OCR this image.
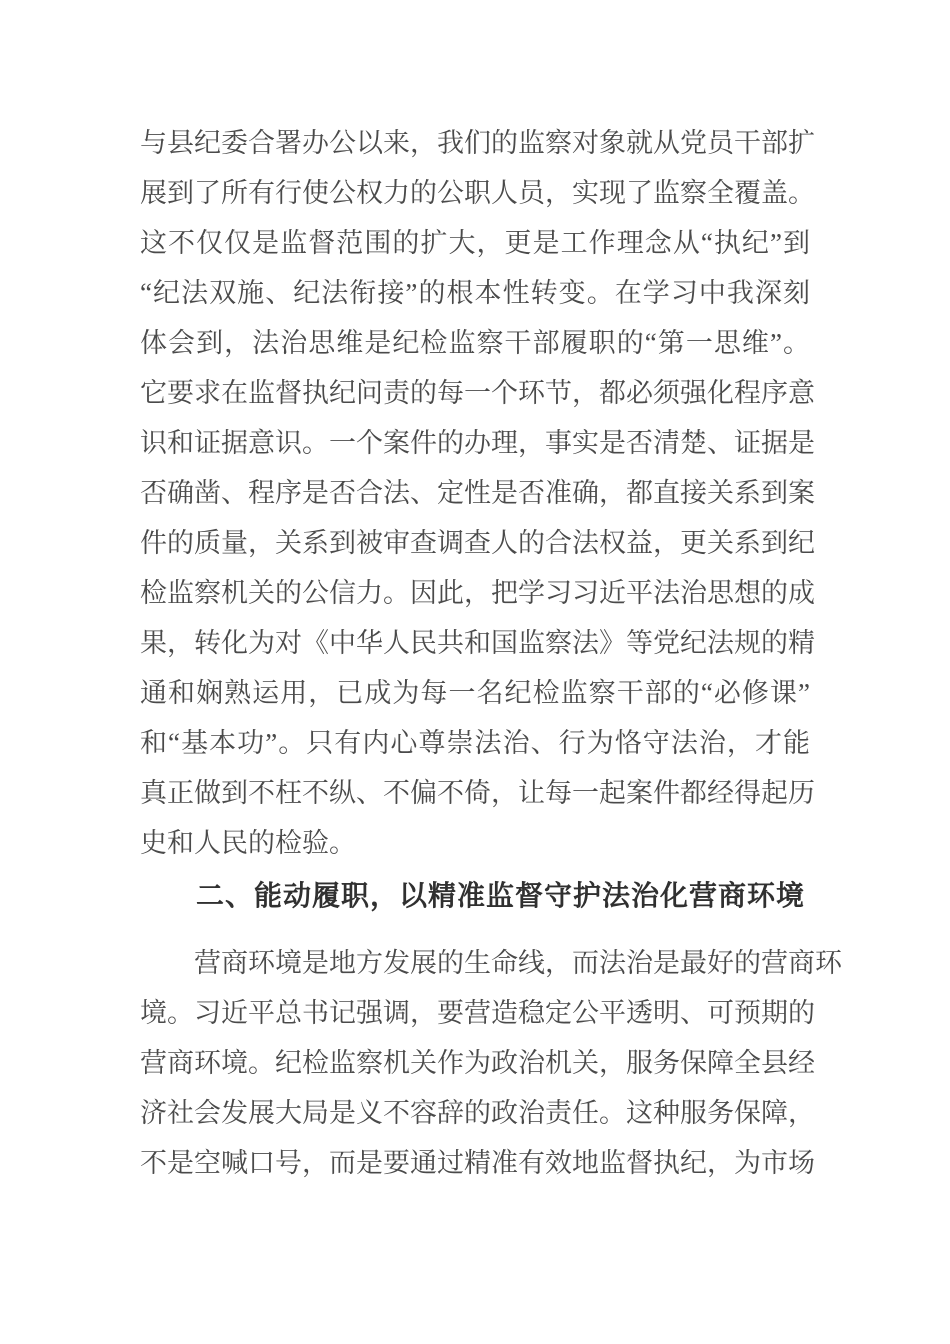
与县纪委合署办公以来，我们的监察对象就从党员干部扩
展到了所有行使公权力的公职人员，实现了监察全覆盖。
这不仅仅是监督范围的扩大，更是工作理念从“执纪”到
“纪法双施、纪法衔接”的根本性转变。在学习中我深刻
体会到，法治思维是纪检监察干部履职的“第一思维”。
它要求在监督执纪问责的每一个环节，都必须强化程序意
识和证据意识。一个案件的办理，事实是否清楚、证据是
否确凿、程序是否合法、定性是否准确，都直接关系到案
件的质量，关系到被审查调查人的合法权益，更关系到纪
检监察机关的公信力。因此，把学习习近平法治思想的成
果，转化为对《中华人民共和国监察法》等党纪法规的精
通和娴熟运用，已成为每一名纪检监察干部的“必修课”
和“基本功”。只有内心尊崇法治、行为恪守法治，才能
真正做到不枉不纵、不偏不倚，让每一起案件都经得起历
史和人民的检验。
二、能动履职，以精准监督守护法治化营商环境
营商环境是地方发展的生命线，而法治是最好的营商环
境。习近平总书记强调，要营造稳定公平透明、可预期的
营商环境。纪检监察机关作为政治机关，服务保障全县经
济社会发展大局是义不容辞的政治责任。这种服务保障，
不是空喊口号，而是要通过精准有效地监督执纪，为市场
